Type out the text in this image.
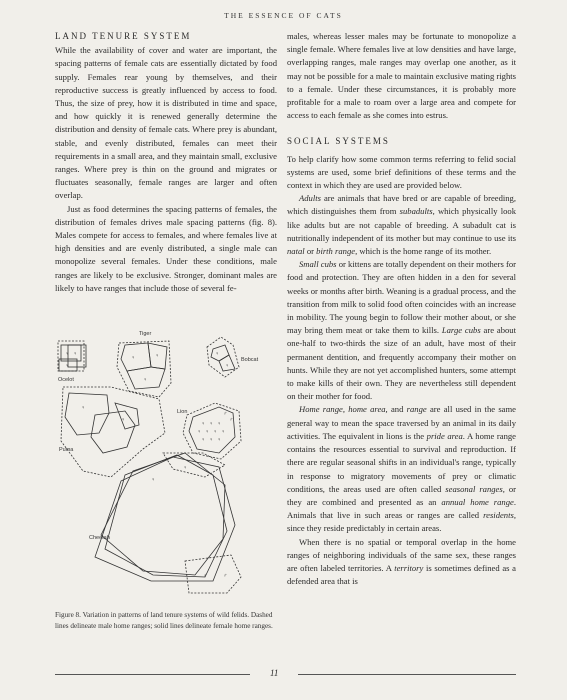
THE ESSENCE OF CATS
LAND TENURE SYSTEM

While the availability of cover and water are important, the spacing patterns of female cats are essentially dictated by food supply. Females rear young by themselves, and their reproductive success is greatly influenced by access to food. Thus, the size of prey, how it is distributed in time and space, and how quickly it is renewed generally determine the distribution and density of female cats. Where prey is abundant, stable, and evenly distributed, females can meet their requirements in a small area, and they maintain small, exclusive ranges. Where prey is thin on the ground and migrates or fluctuates seasonally, female ranges are larger and often overlap.

Just as food determines the spacing patterns of females, the distribution of females drives male spacing patterns (fig. 8). Males compete for access to females, and where females live at high densities and are evenly distributed, a single male can monopolize several females. Under these conditions, male ranges are likely to be exclusive. Stronger, dominant males are likely to have ranges that include those of several fe-

Ocelot
Tiger
Bobcat
Lion
Puma
Cheetah
♀ ♀
♀
♀	♀
♀
♀
♀
♀ ♀ ♀
♀ ♀ ♀ ♀
♀ ♀ ♀
♀
♀
♀
♀
♂
♂
♂	♂
Figure 8. Variation in patterns of land tenure systems of wild felids. Dashed lines delineate male home ranges; solid lines delineate female home ranges.

males, whereas lesser males may be fortunate to monopolize a single female. Where females live at low densities and have large, overlapping ranges, male ranges may overlap one another, as it may not be possible for a male to maintain exclusive mating rights to a female. Under these circumstances, it is probably more profitable for a male to roam over a large area and compete for access to each female as she comes into estrus.

SOCIAL SYSTEMS

To help clarify how some common terms referring to felid social systems are used, some brief definitions of these terms and the context in which they are used are provided below.

Adults are animals that have bred or are capable of breeding, which distinguishes them from subadults, which physically look like adults but are not capable of breeding. A subadult cat is nutritionally independent of its mother but may continue to use its natal or birth range, which is the home range of its mother.

Small cubs or kittens are totally dependent on their mothers for food and protection. They are often hidden in a den for several weeks or months after birth. Weaning is a gradual process, and the transition from milk to solid food often coincides with an increase in mobility. The young begin to follow their mother about, or she may bring them meat or take them to kills. Large cubs are about one-half to two-thirds the size of an adult, have most of their permanent dentition, and frequently accompany their mother on hunts. While they are not yet accomplished hunters, some attempt to make kills of their own. They are nevertheless still dependent on their mother for food.

Home range, home area, and range are all used in the same general way to mean the space traversed by an animal in its daily activities. The equivalent in lions is the pride area. A home range contains the resources essential to survival and reproduction. If there are regular seasonal shifts in an individual's range, typically in response to migratory movements of prey or climatic conditions, the areas used are often called seasonal ranges, or they are combined and presented as an annual home range. Animals that live in such areas or ranges are called residents, since they reside predictably in certain areas.

When there is no spatial or temporal overlap in the home ranges of neighboring individuals of the same sex, these ranges are often labeled territories. A territory is sometimes defined as a defended area that is

11
